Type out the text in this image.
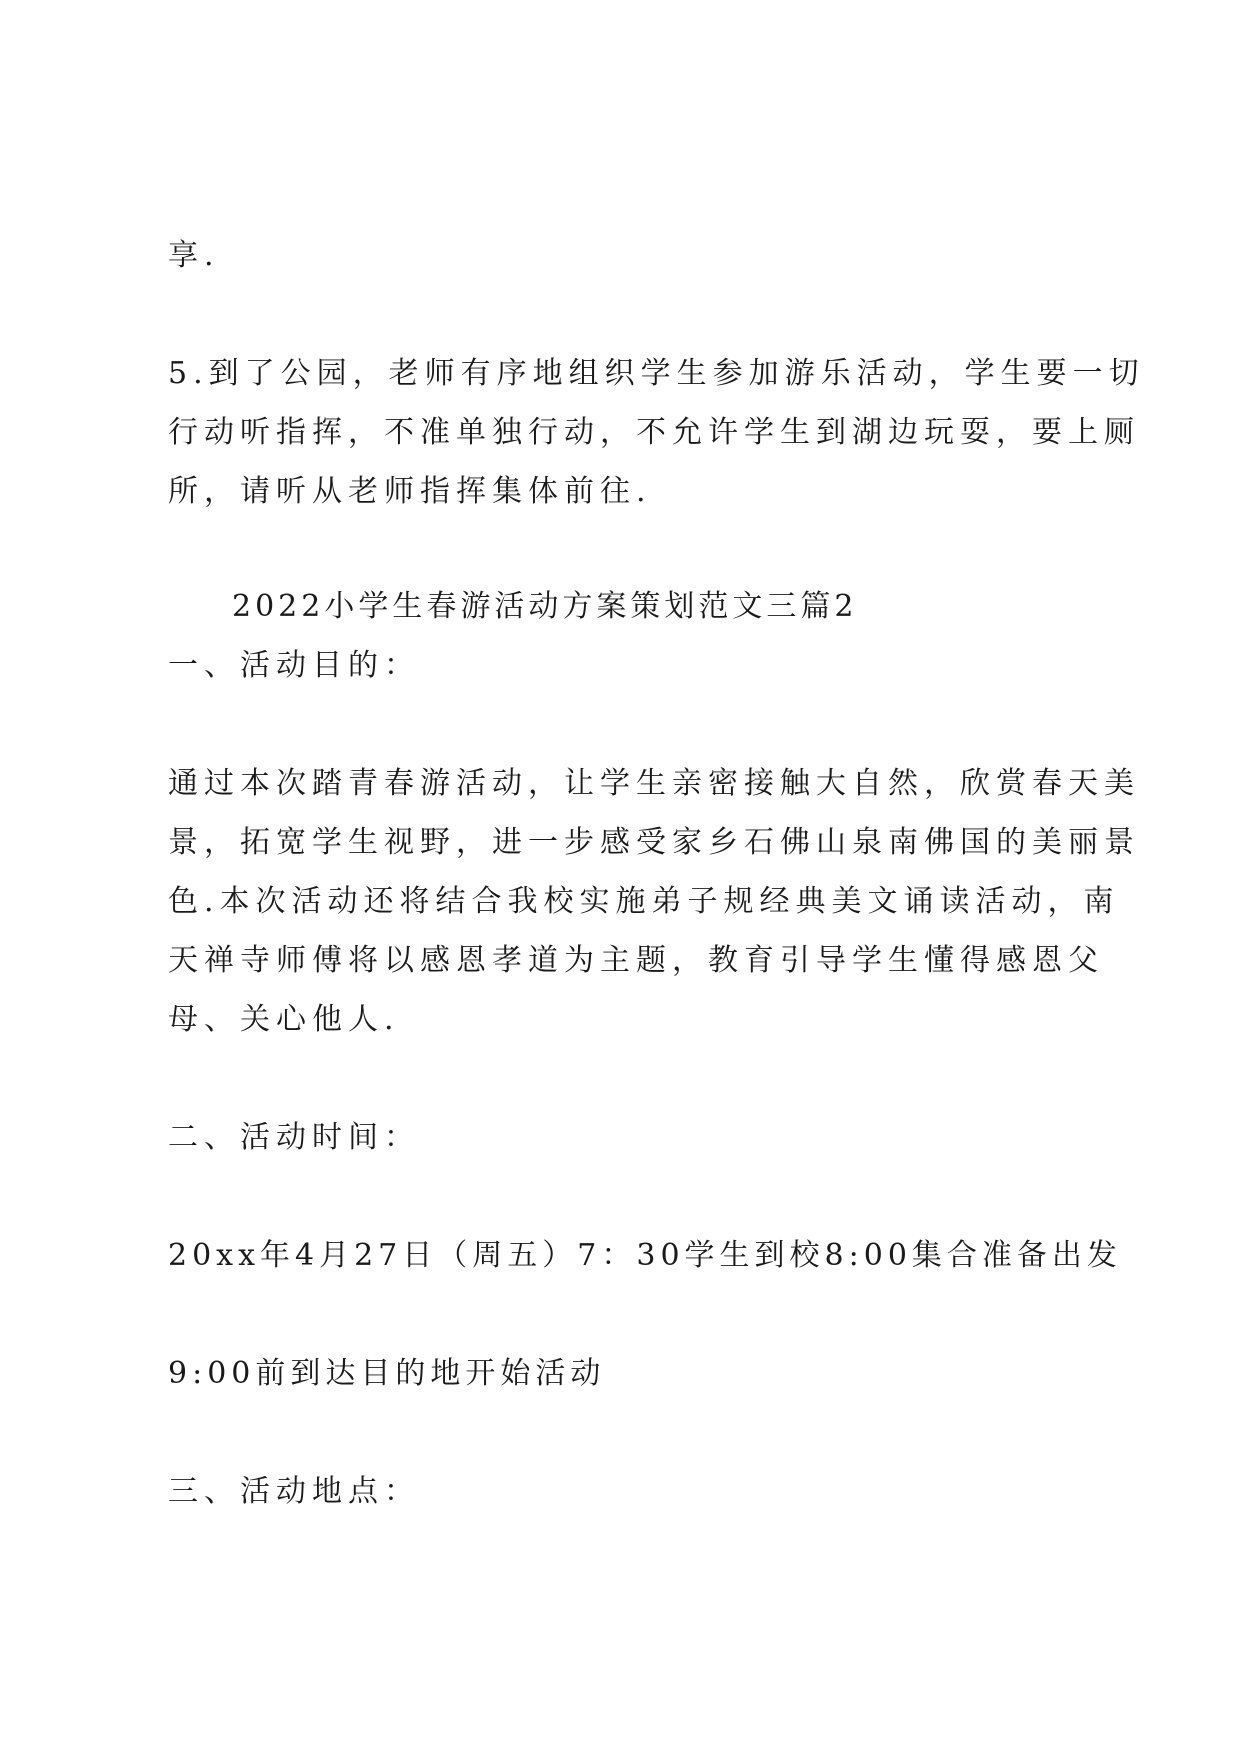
享.
5.到了公园，老师有序地组织学生参加游乐活动，学生要一切
行动听指挥，不准单独行动，不允许学生到湖边玩耍，要上厕
所，请听从老师指挥集体前往.
2022小学生春游活动方案策划范文三篇2
一、活动目的：
通过本次踏青春游活动，让学生亲密接触大自然，欣赏春天美
景，拓宽学生视野，进一步感受家乡石佛山泉南佛国的美丽景
色.本次活动还将结合我校实施弟子规经典美文诵读活动，南
天禅寺师傅将以感恩孝道为主题，教育引导学生懂得感恩父
母、关心他人.
二、活动时间：
20xx年4月27日（周五）7：30学生到校8:00集合准备出发
9:00前到达目的地开始活动
三、活动地点：
